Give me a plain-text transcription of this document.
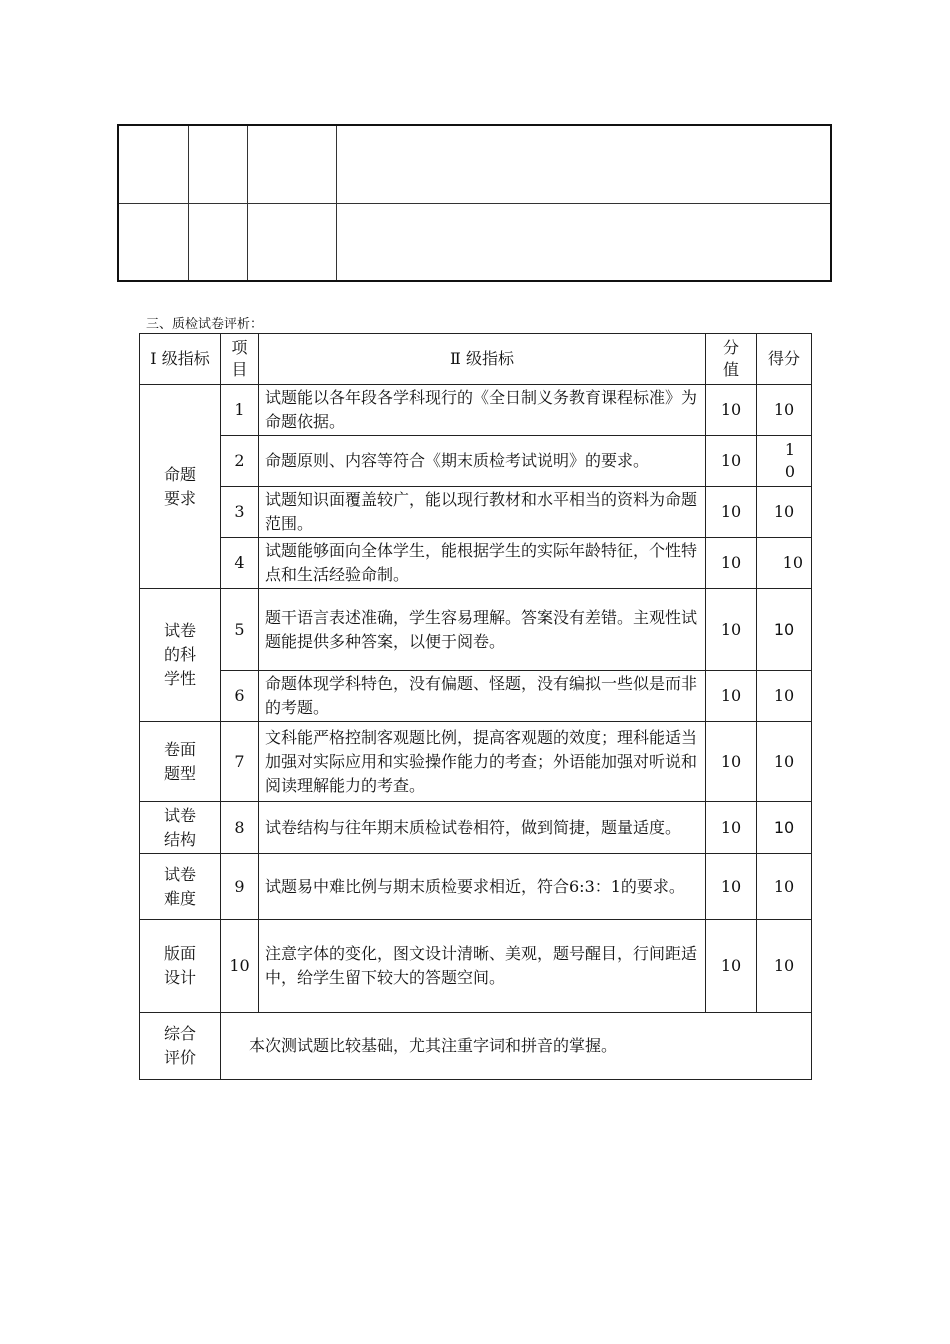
三、质检试卷评析：
Ⅰ 级指标	项目	Ⅱ 级指标	分值	得分
命题要求	1	试题能以各年段各学科现行的《全日制义务教育课程标准》为命题依据。	10	10
	2	命题原则、内容等符合《期末质检考试说明》的要求。	10	10
	3	试题知识面覆盖较广，能以现行教材和水平相当的资料为命题范围。	10	10
	4	试题能够面向全体学生，能根据学生的实际年龄特征，个性特点和生活经验命制。	10	10
试卷的科学性	5	题干语言表述准确，学生容易理解。答案没有差错。主观性试题能提供多种答案，以便于阅卷。	10	10
	6	命题体现学科特色，没有偏题、怪题，没有编拟一些似是而非的考题。	10	10
卷面题型	7	文科能严格控制客观题比例，提高客观题的效度；理科能适当加强对实际应用和实验操作能力的考查；外语能加强对听说和阅读理解能力的考查。	10	10
试卷结构	8	试卷结构与往年期末质检试卷相符，做到简捷，题量适度。	10	10
试卷难度	9	试题易中难比例与期末质检要求相近，符合6:3：1的要求。	10	10
版面设计	10	注意字体的变化，图文设计清晰、美观，题号醒目，行间距适中，给学生留下较大的答题空间。	10	10
综合评价	本次测试题比较基础，尤其注重字词和拼音的掌握。			
